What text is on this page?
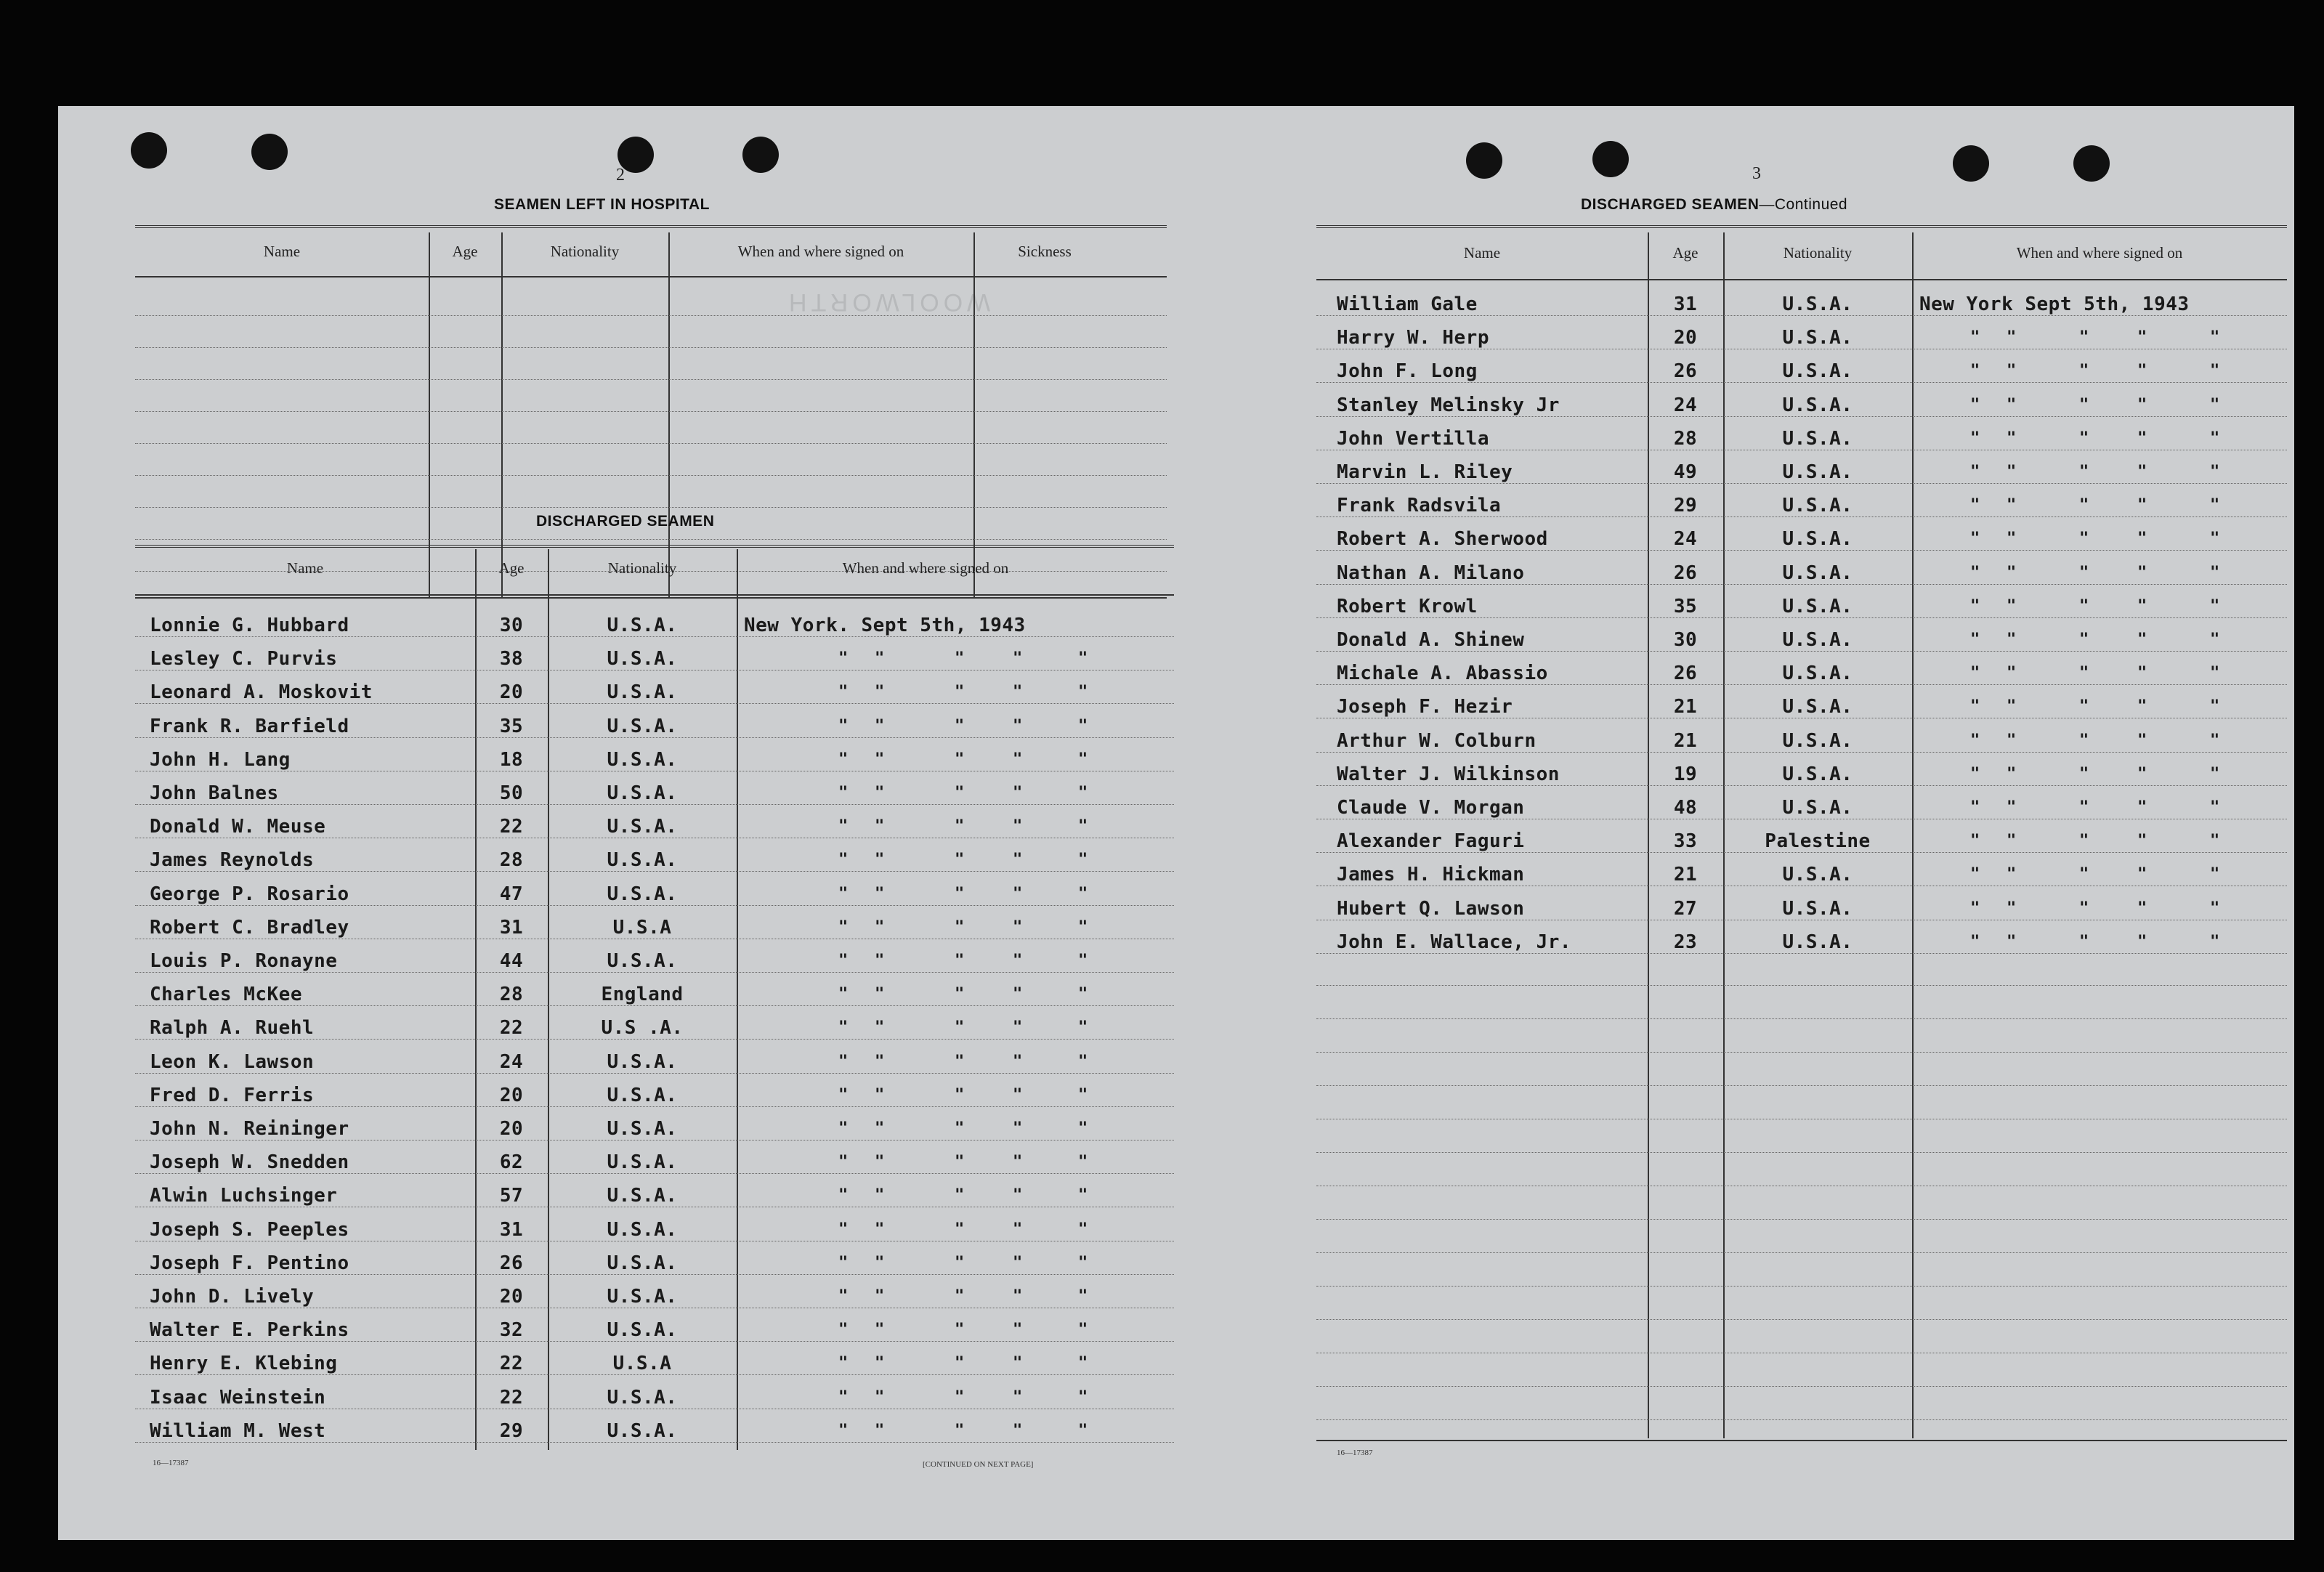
WOOLWORTH
2
SEAMEN LEFT IN HOSPITAL
Name	Age	Nationality	When and where signed on	Sickness
DISCHARGED SEAMEN
Name	Age	Nationality	When and where signed on
Lonnie G. Hubbard	30	U.S.A.	New York. Sept 5th, 1943
Lesley C. Purvis	38	U.S.A.	" "	"	"	"
Leonard A. Moskovit	20	U.S.A.	" "	"	"	"
Frank R. Barfield	35	U.S.A.	" "	"	"	"
John H. Lang	18	U.S.A.	" "	"	"	"
John Balnes	50	U.S.A.	" "	"	"	"
Donald W. Meuse	22	U.S.A.	" "	"	"	"
James Reynolds	28	U.S.A.	" "	"	"	"
George P. Rosario	47	U.S.A.	" "	"	"	"
Robert C. Bradley	31	U.S.A	" "	"	"	"
Louis P. Ronayne	44	U.S.A.	" "	"	"	"
Charles McKee	28	England	" "	"	"	"
Ralph A. Ruehl	22	U.S .A.	" "	"	"	"
Leon K. Lawson	24	U.S.A.	" "	"	"	"
Fred D. Ferris	20	U.S.A.	" "	"	"	"
John N. Reininger	20	U.S.A.	" "	"	"	"
Joseph W. Snedden	62	U.S.A.	" "	"	"	"
Alwin Luchsinger	57	U.S.A.	" "	"	"	"
Joseph S. Peeples	31	U.S.A.	" "	"	"	"
Joseph F. Pentino	26	U.S.A.	" "	"	"	"
John D. Lively	20	U.S.A.	" "	"	"	"
Walter E. Perkins	32	U.S.A.	" "	"	"	"
Henry E. Klebing	22	U.S.A	" "	"	"	"
Isaac Weinstein	22	U.S.A.	" "	"	"	"
William M. West	29	U.S.A.	" "	"	"	"
16—17387	[CONTINUED ON NEXT PAGE]
3
DISCHARGED SEAMEN—Continued
Name	Age	Nationality	When and where signed on
William Gale	31	U.S.A.	New York Sept 5th, 1943
Harry W. Herp	20	U.S.A.	" "	"	"	"
John F. Long	26	U.S.A.	" "	"	"	"
Stanley Melinsky Jr	24	U.S.A.	" "	"	"	"
John Vertilla	28	U.S.A.	" "	"	"	"
Marvin L. Riley	49	U.S.A.	" "	"	"	"
Frank Radsvila	29	U.S.A.	" "	"	"	"
Robert A. Sherwood	24	U.S.A.	" "	"	"	"
Nathan A. Milano	26	U.S.A.	" "	"	"	"
Robert Krowl	35	U.S.A.	" "	"	"	"
Donald A. Shinew	30	U.S.A.	" "	"	"	"
Michale A. Abassio	26	U.S.A.	" "	"	"	"
Joseph F. Hezir	21	U.S.A.	" "	"	"	"
Arthur W. Colburn	21	U.S.A.	" "	"	"	"
Walter J. Wilkinson	19	U.S.A.	" "	"	"	"
Claude V. Morgan	48	U.S.A.	" "	"	"	"
Alexander Faguri	33	Palestine	" "	"	"	"
James H. Hickman	21	U.S.A.	" "	"	"	"
Hubert Q. Lawson	27	U.S.A.	" "	"	"	"
John E. Wallace, Jr.	23	U.S.A.	" "	"	"	"
16—17387
